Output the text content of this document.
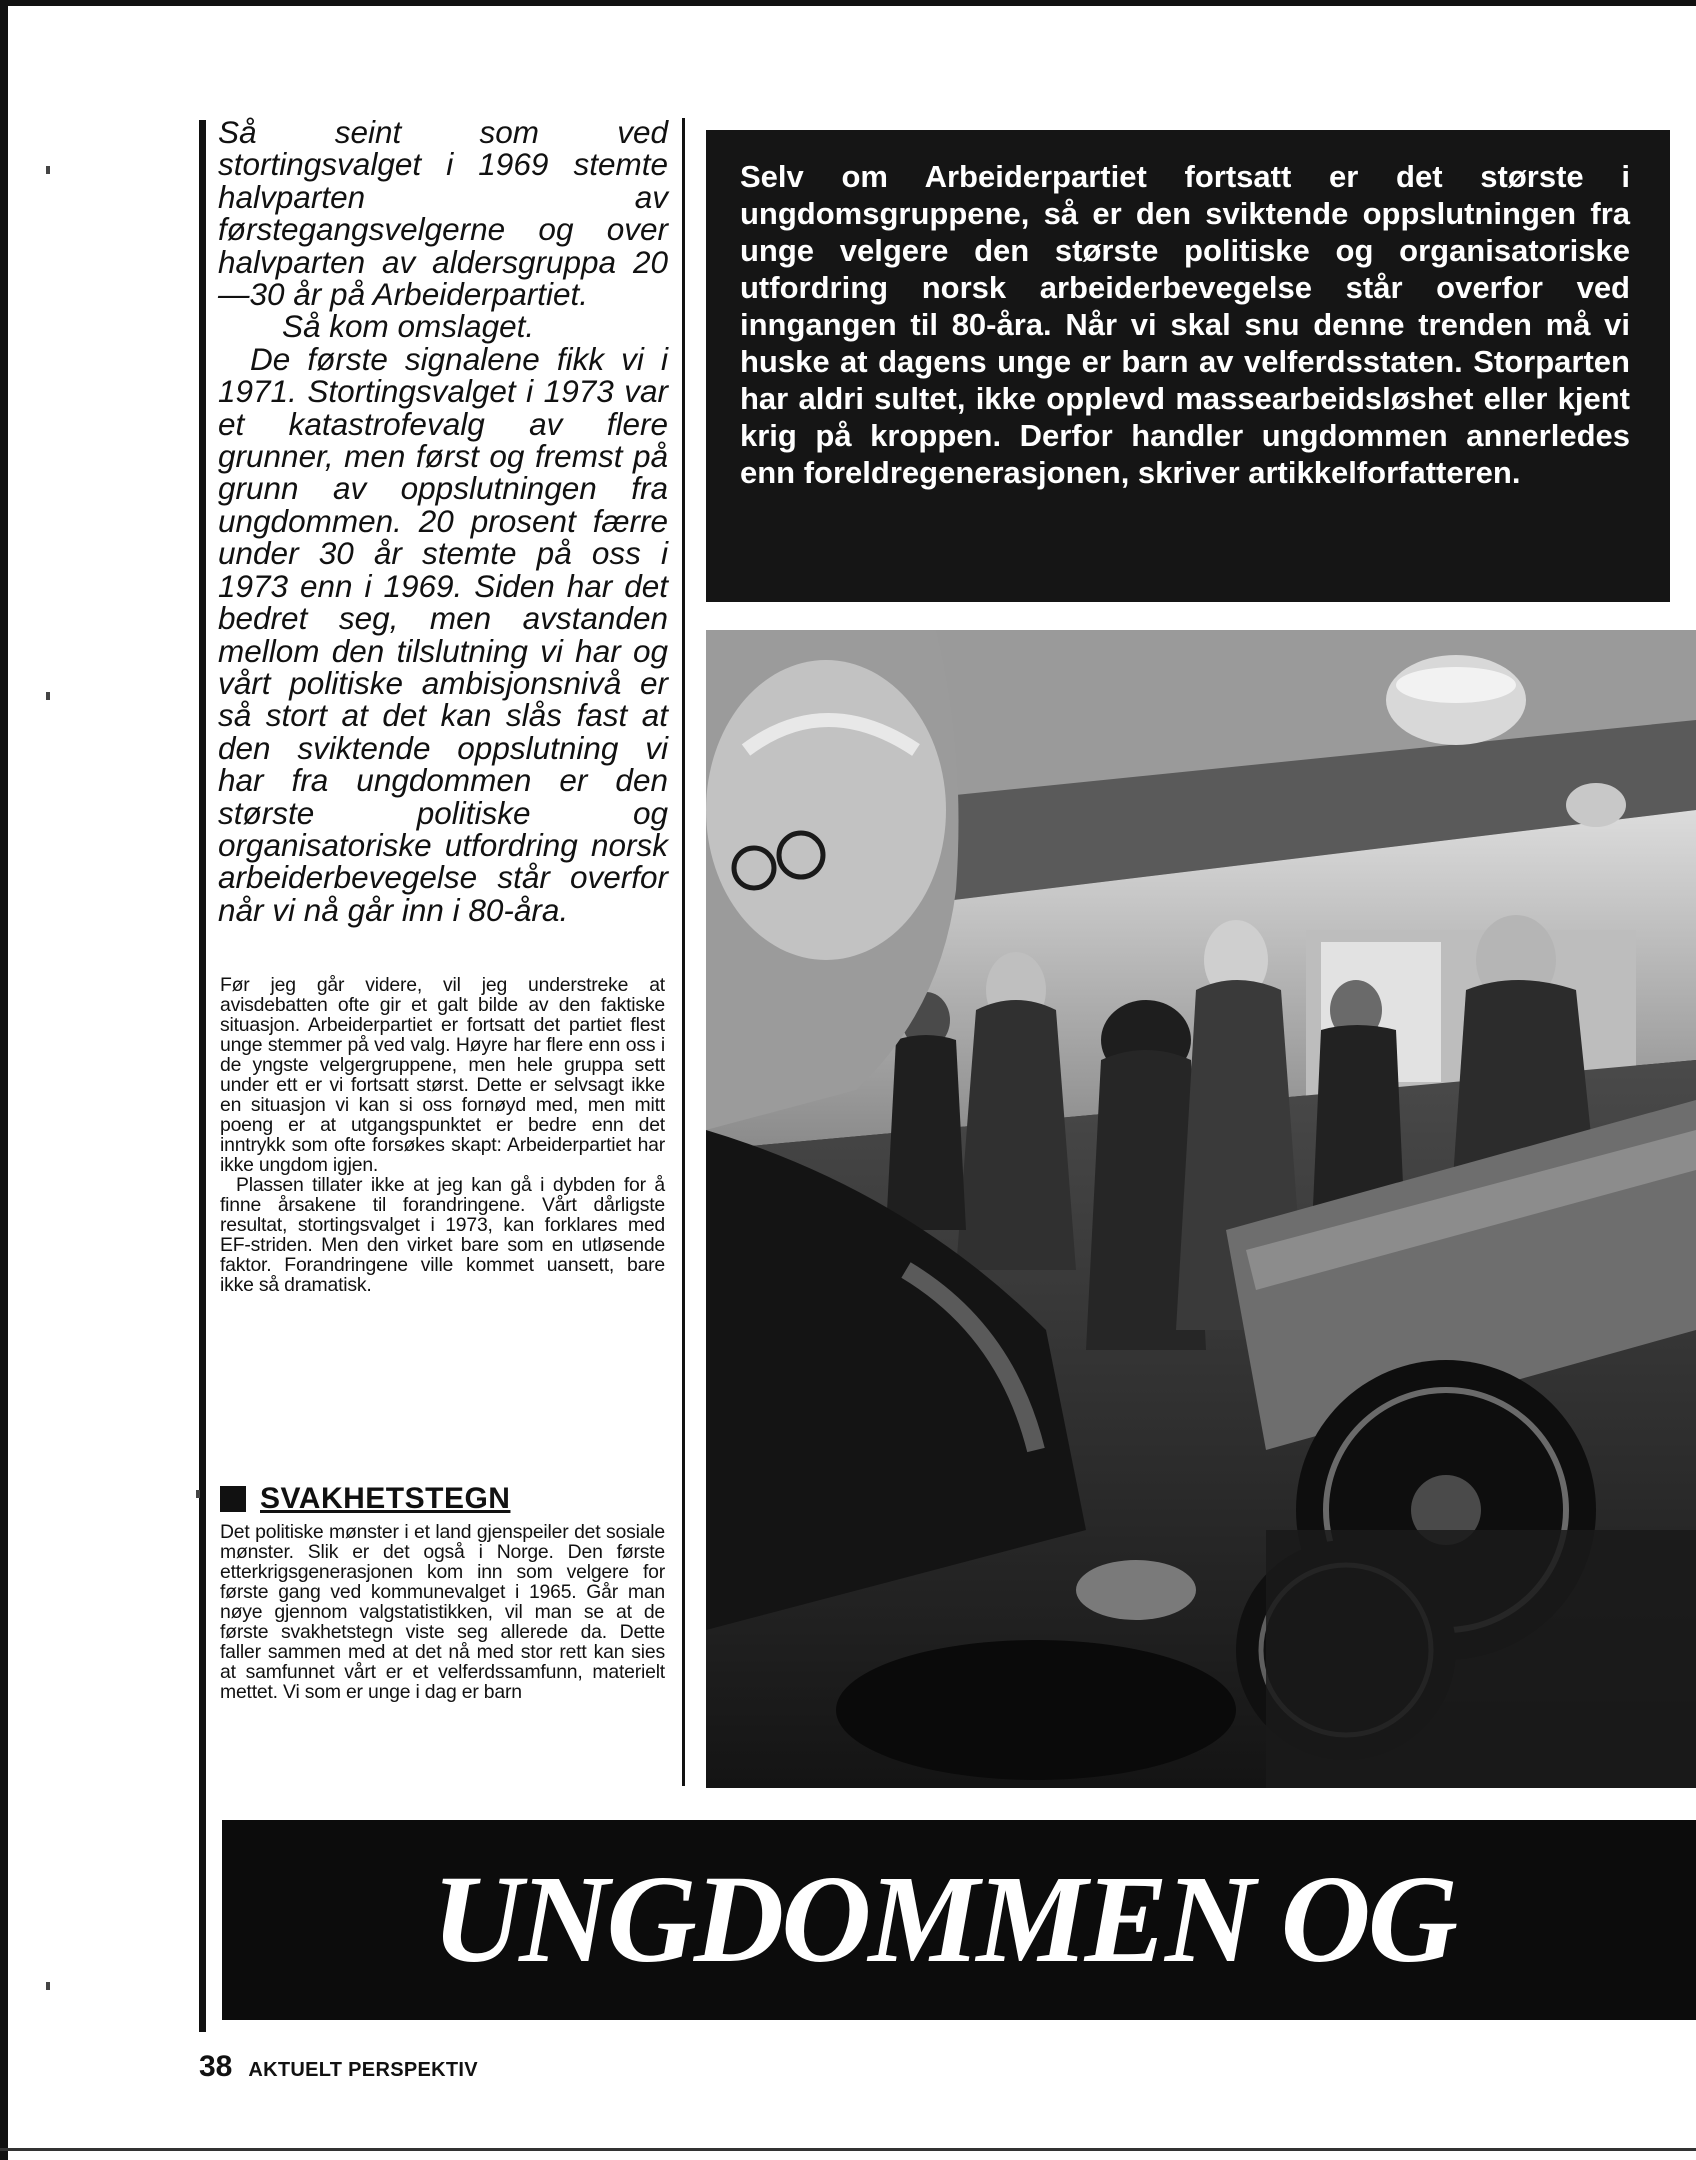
Så seint som ved stortingsvalget i 1969 stemte halvparten av førstegangsvelgerne og over halvparten av aldersgruppa 20—30 år på Arbeiderpartiet.

Så kom omslaget.

De første signalene fikk vi i 1971. Stortingsvalget i 1973 var et katastrofevalg av flere grunner, men først og fremst på grunn av oppslutningen fra ungdommen. 20 prosent færre under 30 år stemte på oss i 1973 enn i 1969. Siden har det bedret seg, men avstanden mellom den tilslutning vi har og vårt politiske ambisjonsnivå er så stort at det kan slås fast at den sviktende oppslutning vi har fra ungdommen er den største politiske og organisatoriske utfordring norsk arbeiderbevegelse står overfor når vi nå går inn i 80-åra.

Før jeg går videre, vil jeg understreke at avisdebatten ofte gir et galt bilde av den faktiske situasjon. Arbeiderpartiet er fortsatt det partiet flest unge stemmer på ved valg. Høyre har flere enn oss i de yngste velgergruppene, men hele gruppa sett under ett er vi fortsatt størst. Dette er selvsagt ikke en situasjon vi kan si oss fornøyd med, men mitt poeng er at utgangspunktet er bedre enn det inntrykk som ofte forsøkes skapt: Arbeiderpartiet har ikke ungdom igjen.

Plassen tillater ikke at jeg kan gå i dybden for å finne årsakene til forandringene. Vårt dårligste resultat, stortingsvalget i 1973, kan forklares med EF-striden. Men den virket bare som en utløsende faktor. Forandringene ville kommet uansett, bare ikke så dramatisk.

SVAKHETSTEGN

Det politiske mønster i et land gjenspeiler det sosiale mønster. Slik er det også i Norge. Den første etterkrigsgenerasjonen kom inn som velgere for første gang ved kommunevalget i 1965. Går man nøye gjennom valgstatistikken, vil man se at de første svakhetstegn viste seg allerede da. Dette faller sammen med at det nå med stor rett kan sies at samfunnet vårt er et velferdssamfunn, materielt mettet. Vi som er unge i dag er barn

Selv om Arbeiderpartiet fortsatt er det største i ungdomsgruppene, så er den sviktende oppslutningen fra unge velgere den største politiske og organisatoriske utfordring norsk arbeiderbevegelse står overfor ved inngangen til 80-åra. Når vi skal snu denne trenden må vi huske at dagens unge er barn av velferdsstaten. Storparten har aldri sultet, ikke opplevd massearbeidsløshet eller kjent krig på kroppen. Derfor handler ungdommen annerledes enn foreldregenerasjonen, skriver artikkelforfatteren.
UNGDOMMEN OG
38 AKTUELT PERSPEKTIV
